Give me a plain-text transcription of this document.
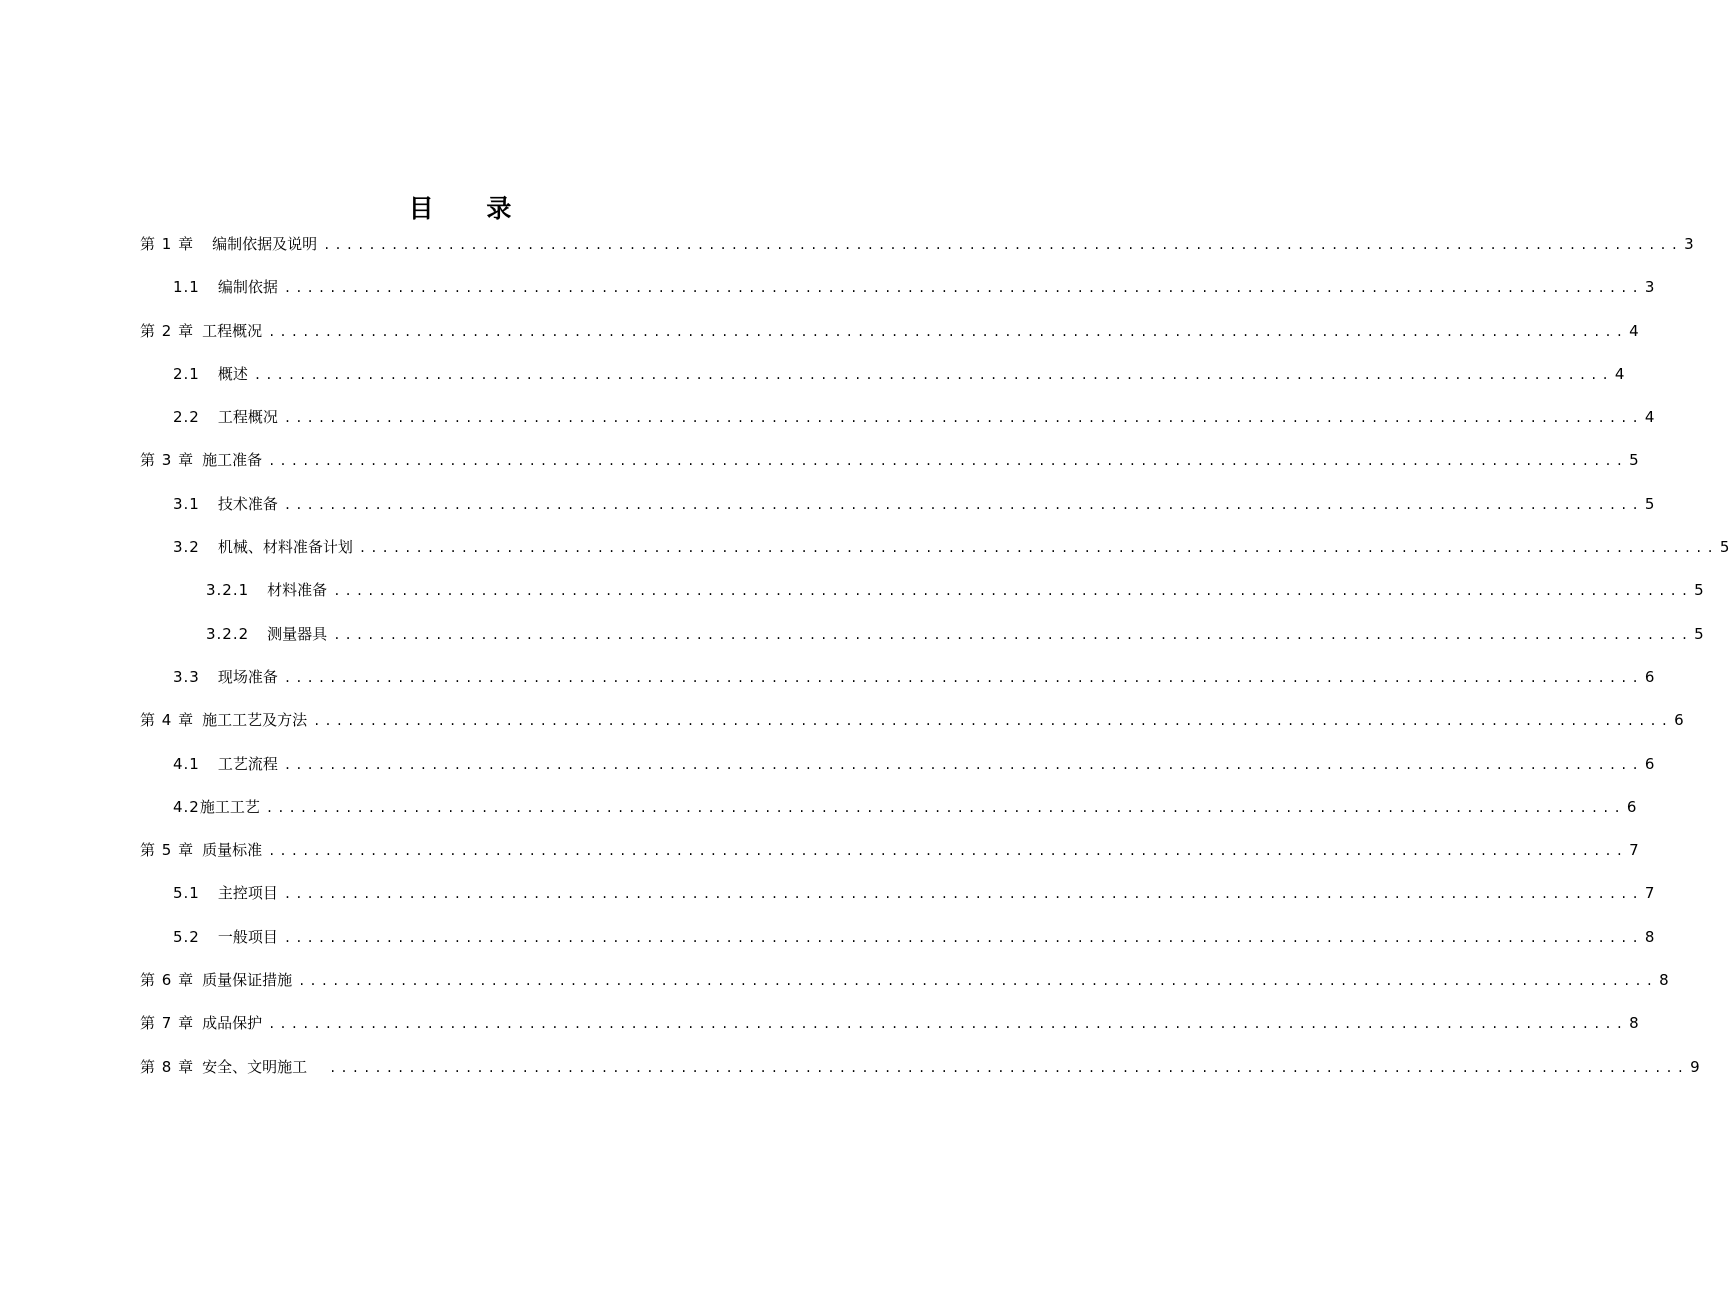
目 录
第 1 章 编制依据及说明 ........................................................................................................................ 3
1.1 编制依据 ........................................................................................................................ 3
第 2 章 工程概况 ........................................................................................................................ 4
2.1 概述 ........................................................................................................................ 4
2.2 工程概况 ........................................................................................................................ 4
第 3 章 施工准备 ........................................................................................................................ 5
3.1 技术准备 ........................................................................................................................ 5
3.2 机械、材料准备计划 ........................................................................................................................ 5
3.2.1 材料准备 ........................................................................................................................ 5
3.2.2 测量器具 ........................................................................................................................ 5
3.3 现场准备 ........................................................................................................................ 6
第 4 章 施工工艺及方法 ........................................................................................................................ 6
4.1 工艺流程 ........................................................................................................................ 6
4.2施工工艺 ........................................................................................................................ 6
第 5 章 质量标准 ........................................................................................................................ 7
5.1 主控项目 ........................................................................................................................ 7
5.2 一般项目 ........................................................................................................................ 8
第 6 章 质量保证措施 ........................................................................................................................ 8
第 7 章 成品保护 ........................................................................................................................ 8
第 8 章 安全、文明施工	........................................................................................................................ 9
